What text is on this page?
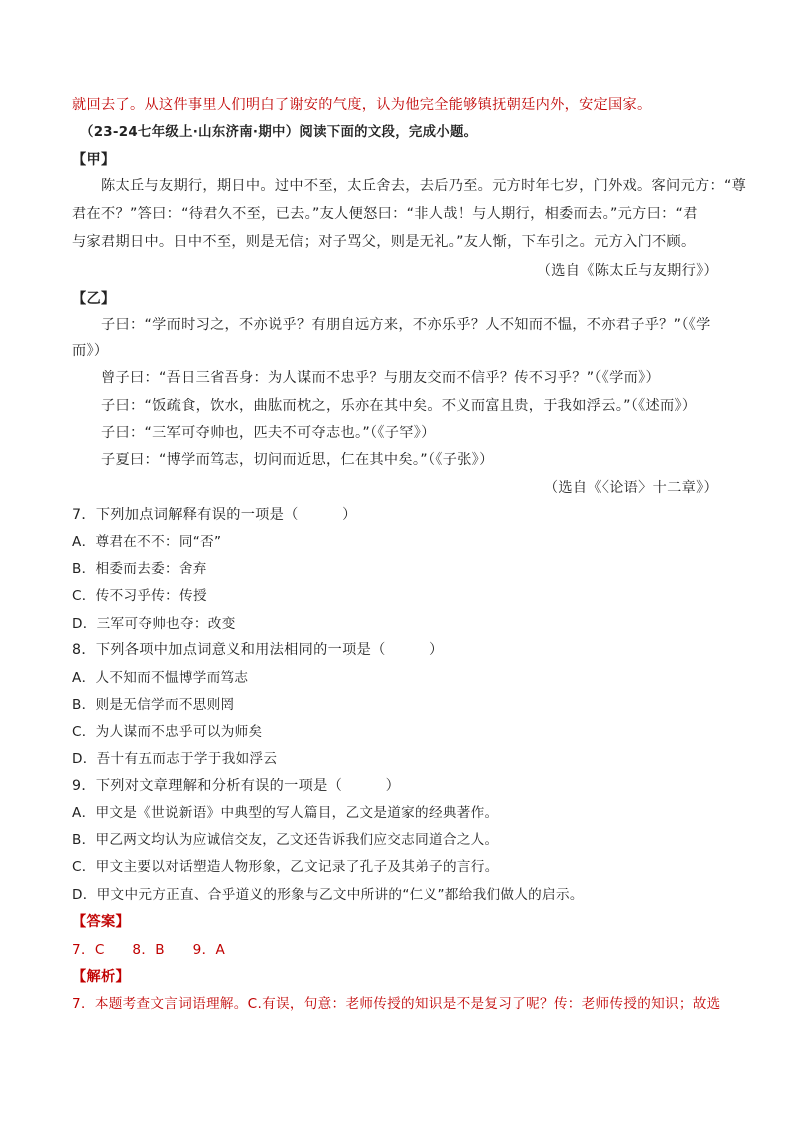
就回去了。从这件事里人们明白了谢安的气度，认为他完全能够镇抚朝廷内外，安定国家。
（23-24七年级上·山东济南·期中）阅读下面的文段，完成小题。
【甲】
陈太丘与友期行，期日中。过中不至，太丘舍去，去后乃至。元方时年七岁，门外戏。客问元方：“尊
君在不？”答曰：“待君久不至，已去。”友人便怒曰：“非人哉！与人期行，相委而去。”元方曰：“君
与家君期日中。日中不至，则是无信；对子骂父，则是无礼。”友人惭，下车引之。元方入门不顾。
（选自《陈太丘与友期行》）
【乙】
子曰：“学而时习之，不亦说乎？有朋自远方来，不亦乐乎？人不知而不愠，不亦君子乎？”（《学
而》）
曾子曰：“吾日三省吾身：为人谋而不忠乎？与朋友交而不信乎？传不习乎？”（《学而》）
子曰：“饭疏食，饮水，曲肱而枕之，乐亦在其中矣。不义而富且贵，于我如浮云。”（《述而》）
子曰：“三军可夺帅也，匹夫不可夺志也。”（《子罕》）
子夏曰：“博学而笃志，切问而近思，仁在其中矣。”（《子张》）
（选自《〈论语〉十二章》）
7．下列加点词解释有误的一项是（　　　）
A．尊君在不不：同“否”
B．相委而去委：舍弃
C．传不习乎传：传授
D．三军可夺帅也夺：改变
8．下列各项中加点词意义和用法相同的一项是（　　　）
A．人不知而不愠博学而笃志
B．则是无信学而不思则罔
C．为人谋而不忠乎可以为师矣
D．吾十有五而志于学于我如浮云
9．下列对文章理解和分析有误的一项是（　　　）
A．甲文是《世说新语》中典型的写人篇目，乙文是道家的经典著作。
B．甲乙两文均认为应诚信交友，乙文还告诉我们应交志同道合之人。
C．甲文主要以对话塑造人物形象，乙文记录了孔子及其弟子的言行。
D．甲文中元方正直、合乎道义的形象与乙文中所讲的“仁义”都给我们做人的启示。
【答案】
7．C　　8．B　　9．A
【解析】
7．本题考查文言词语理解。C.有误，句意：老师传授的知识是不是复习了呢？传：老师传授的知识；故选
